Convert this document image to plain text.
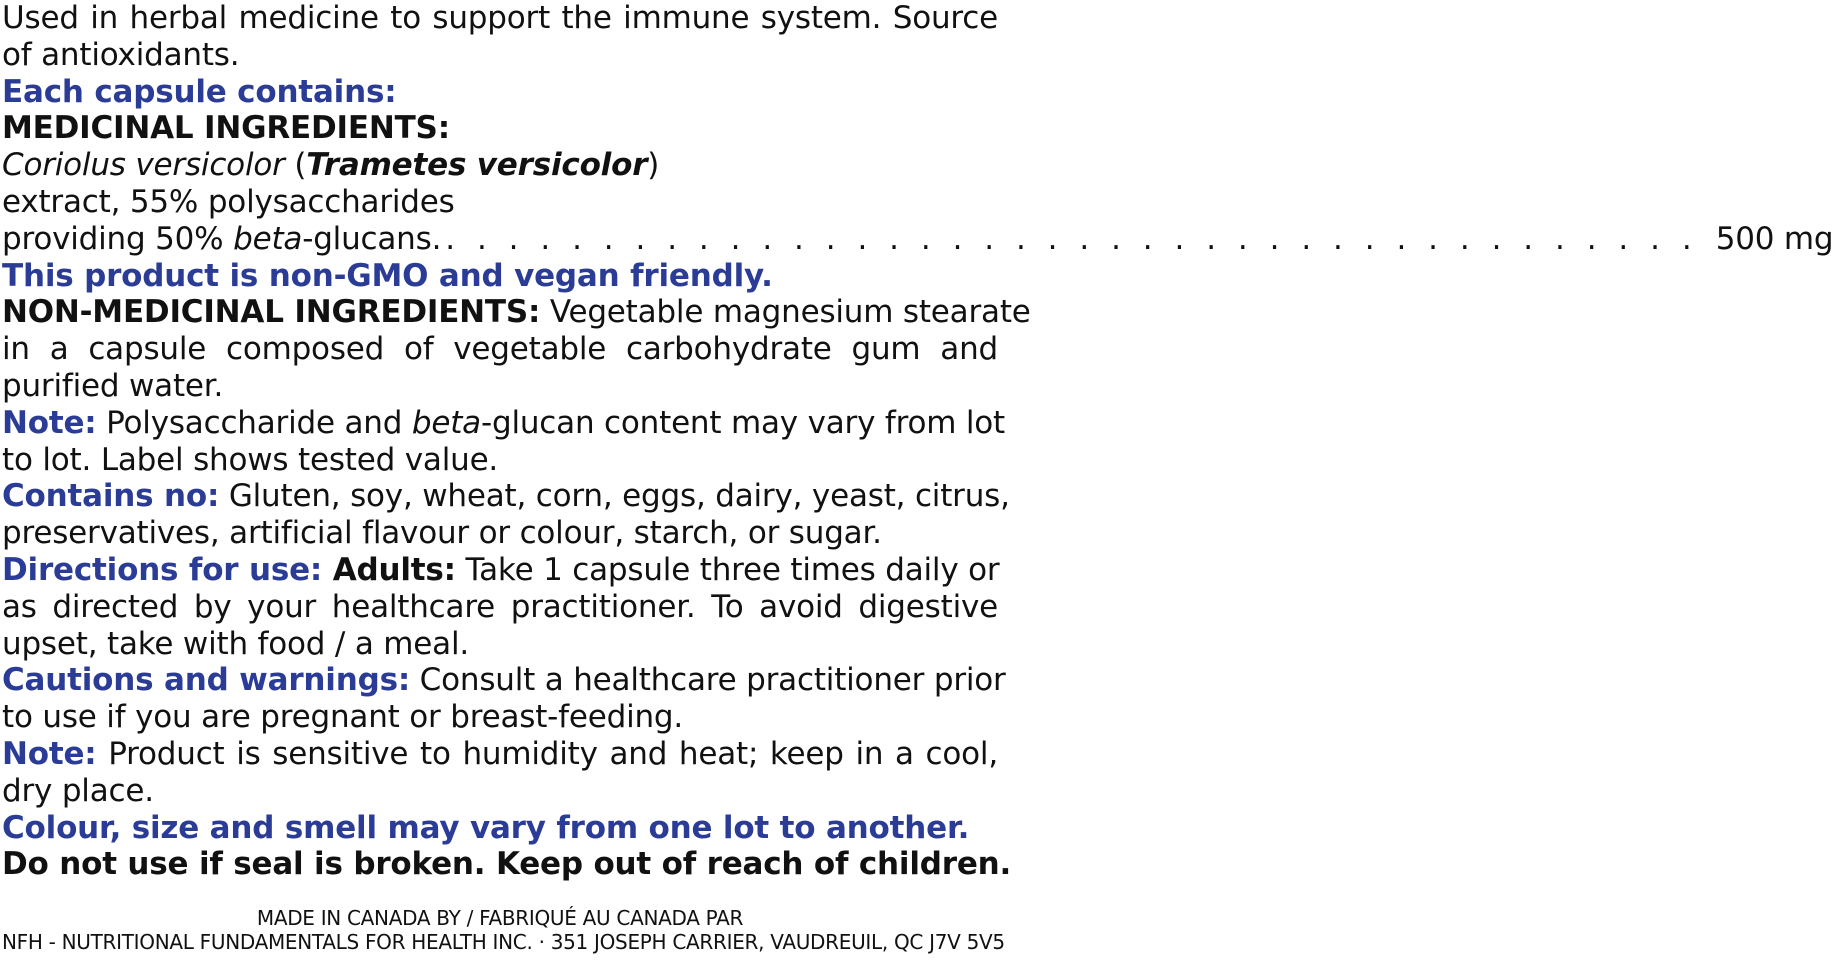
Used in herbal medicine to support the immune system. Source
of antioxidants.
Each capsule contains:
MEDICINAL INGREDIENTS:
Coriolus versicolor (Trametes versicolor)
extract, 55% polysaccharides
providing 50% beta-glucans. . . . . . . . . . . . . . . . . . . . . . . . . . . . . . . . . . . . . . . . . 500 mg
This product is non-GMO and vegan friendly.
NON-MEDICINAL INGREDIENTS: Vegetable magnesium stearate
in a capsule composed of vegetable carbohydrate gum and
purified water.
Note: Polysaccharide and beta-glucan content may vary from lot
to lot. Label shows tested value.
Contains no: Gluten, soy, wheat, corn, eggs, dairy, yeast, citrus,
preservatives, artificial flavour or colour, starch, or sugar.
Directions for use: Adults: Take 1 capsule three times daily or
as directed by your healthcare practitioner. To avoid digestive
upset, take with food / a meal.
Cautions and warnings: Consult a healthcare practitioner prior
to use if you are pregnant or breast-feeding.
Note: Product is sensitive to humidity and heat; keep in a cool,
dry place.
Colour, size and smell may vary from one lot to another.
Do not use if seal is broken. Keep out of reach of children.
MADE IN CANADA BY / FABRIQUÉ AU CANADA PAR
NFH - NUTRITIONAL FUNDAMENTALS FOR HEALTH INC. · 351 JOSEPH CARRIER, VAUDREUIL, QC J7V 5V5
